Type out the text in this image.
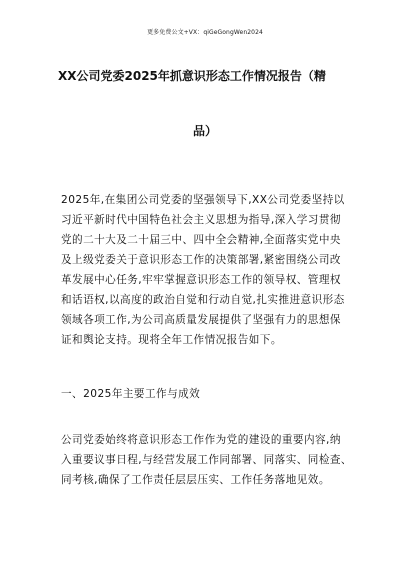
更多免费公文+VX：qiGeGongWen2024
XX公司党委2025年抓意识形态工作情况报告（精
品）
2025年,在集团公司党委的坚强领导下,XX公司党委坚持以
习近平新时代中国特色社会主义思想为指导,深入学习贯彻
党的二十大及二十届三中、四中全会精神,全面落实党中央
及上级党委关于意识形态工作的决策部署,紧密围绕公司改
革发展中心任务,牢牢掌握意识形态工作的领导权、管理权
和话语权,以高度的政治自觉和行动自觉,扎实推进意识形态
领域各项工作,为公司高质量发展提供了坚强有力的思想保
证和舆论支持。现将全年工作情况报告如下。
一、2025年主要工作与成效
公司党委始终将意识形态工作作为党的建设的重要内容,纳
入重要议事日程,与经营发展工作同部署、同落实、同检查、
同考核,确保了工作责任层层压实、工作任务落地见效。
